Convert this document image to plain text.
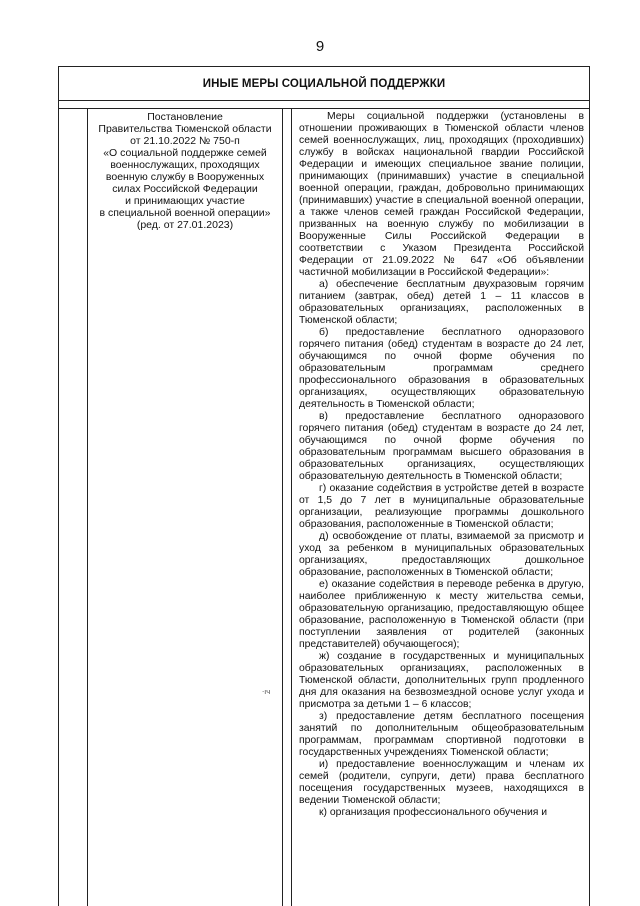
9
ИНЫЕ МЕРЫ СОЦИАЛЬНОЙ ПОДДЕРЖКИ
Постановление
Правительства Тюменской области
от 21.10.2022 № 750-п
«О социальной поддержке семей
военнослужащих, проходящих
военную службу в Вооруженных
силах Российской Федерации
и принимающих участие
в специальной военной операции»
(ред. от 27.01.2023)

Меры социальной поддержки (установлены в отношении проживающих в Тюменской области членов семей военнослужащих, лиц, проходящих (проходивших) службу в войсках национальной гвардии Российской Федерации и имеющих специальное звание полиции, принимающих (принимавших) участие в специальной военной операции, граждан, добровольно принимающих (принимавших) участие в специальной военной операции, а также членов семей граждан Российской Федерации, призванных на военную службу по мобилизации в Вооруженные Силы Российской Федерации в соответствии с Указом Президента Российской Федерации от 21.09.2022 № 647 «Об объявлении частичной мобилизации в Российской Федерации»:

а) обеспечение бесплатным двухразовым горячим питанием (завтрак, обед) детей 1 – 11 классов в образовательных организациях, расположенных в Тюменской области;

б) предоставление бесплатного одноразового горячего питания (обед) студентам в возрасте до 24 лет, обучающимся по очной форме обучения по образовательным программам среднего профессионального образования в образовательных организациях, осуществляющих образовательную деятельность в Тюменской области;

в) предоставление бесплатного одноразового горячего питания (обед) студентам в возрасте до 24 лет, обучающимся по очной форме обучения по образовательным программам высшего образования в образовательных организациях, осуществляющих образовательную деятельность в Тюменской области;

г) оказание содействия в устройстве детей в возрасте от 1,5 до 7 лет в муниципальные образовательные организации, реализующие программы дошкольного образования, расположенные в Тюменской области;

д) освобождение от платы, взимаемой за присмотр и уход за ребенком в муниципальных образовательных организациях, предоставляющих дошкольное образование, расположенных в Тюменской области;

е) оказание содействия в переводе ребенка в другую, наиболее приближенную к месту жительства семьи, образовательную организацию, предоставляющую общее образование, расположенную в Тюменской области (при поступлении заявления от родителей (законных представителей) обучающегося);

ж) создание в государственных и муниципальных образовательных организациях, расположенных в Тюменской области, дополнительных групп продленного дня для оказания на безвозмездной основе услуг ухода и присмотра за детьми 1 – 6 классов;

з) предоставление детям бесплатного посещения занятий по дополнительным общеобразовательным программам, программам спортивной подготовки в государственных учреждениях Тюменской области;

и) предоставление военнослужащим и членам их семей (родители, супруги, дети) права бесплатного посещения государственных музеев, находящихся в ведении Тюменской области;

к) организация профессионального обучения и

·ıч
